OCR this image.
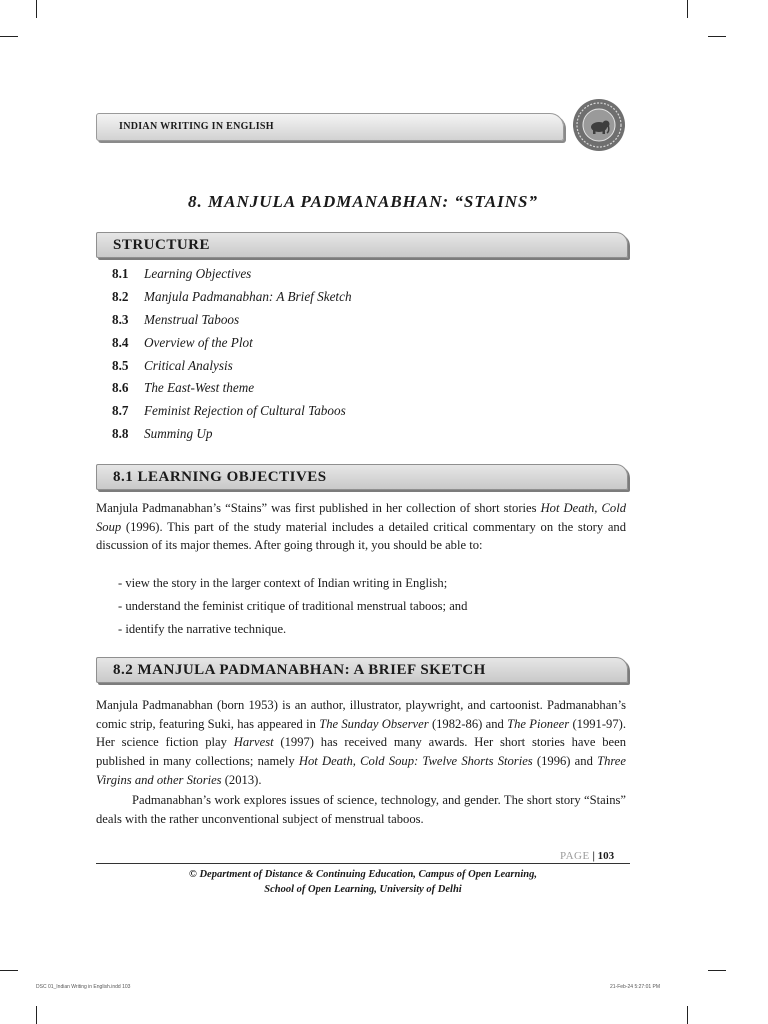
INDIAN WRITING IN ENGLISH
8. MANJULA PADMANABHAN: “STAINS”
STRUCTURE
8.1 Learning Objectives
8.2 Manjula Padmanabhan: A Brief Sketch
8.3 Menstrual Taboos
8.4 Overview of the Plot
8.5 Critical Analysis
8.6 The East-West theme
8.7 Feminist Rejection of Cultural Taboos
8.8 Summing Up
8.1 LEARNING OBJECTIVES

Manjula Padmanabhan’s “Stains” was first published in her collection of short stories Hot Death, Cold Soup (1996). This part of the study material includes a detailed critical commentary on the story and discussion of its major themes. After going through it, you should be able to:

- view the story in the larger context of Indian writing in English;
- understand the feminist critique of traditional menstrual taboos; and
- identify the narrative technique.
8.2 MANJULA PADMANABHAN: A BRIEF SKETCH

Manjula Padmanabhan (born 1953) is an author, illustrator, playwright, and cartoonist. Padmanabhan’s comic strip, featuring Suki, has appeared in The Sunday Observer (1982-86) and The Pioneer (1991-97). Her science fiction play Harvest (1997) has received many awards. Her short stories have been published in many collections; namely Hot Death, Cold Soup: Twelve Shorts Stories (1996) and Three Virgins and other Stories (2013).

Padmanabhan’s work explores issues of science, technology, and gender. The short story “Stains” deals with the rather unconventional subject of menstrual taboos.

PAGE | 103
© Department of Distance & Continuing Education, Campus of Open Learning,
School of Open Learning, University of Delhi
DSC 01_Indian Writing in English.indd 103	21-Feb-24 5:27:01 PM
